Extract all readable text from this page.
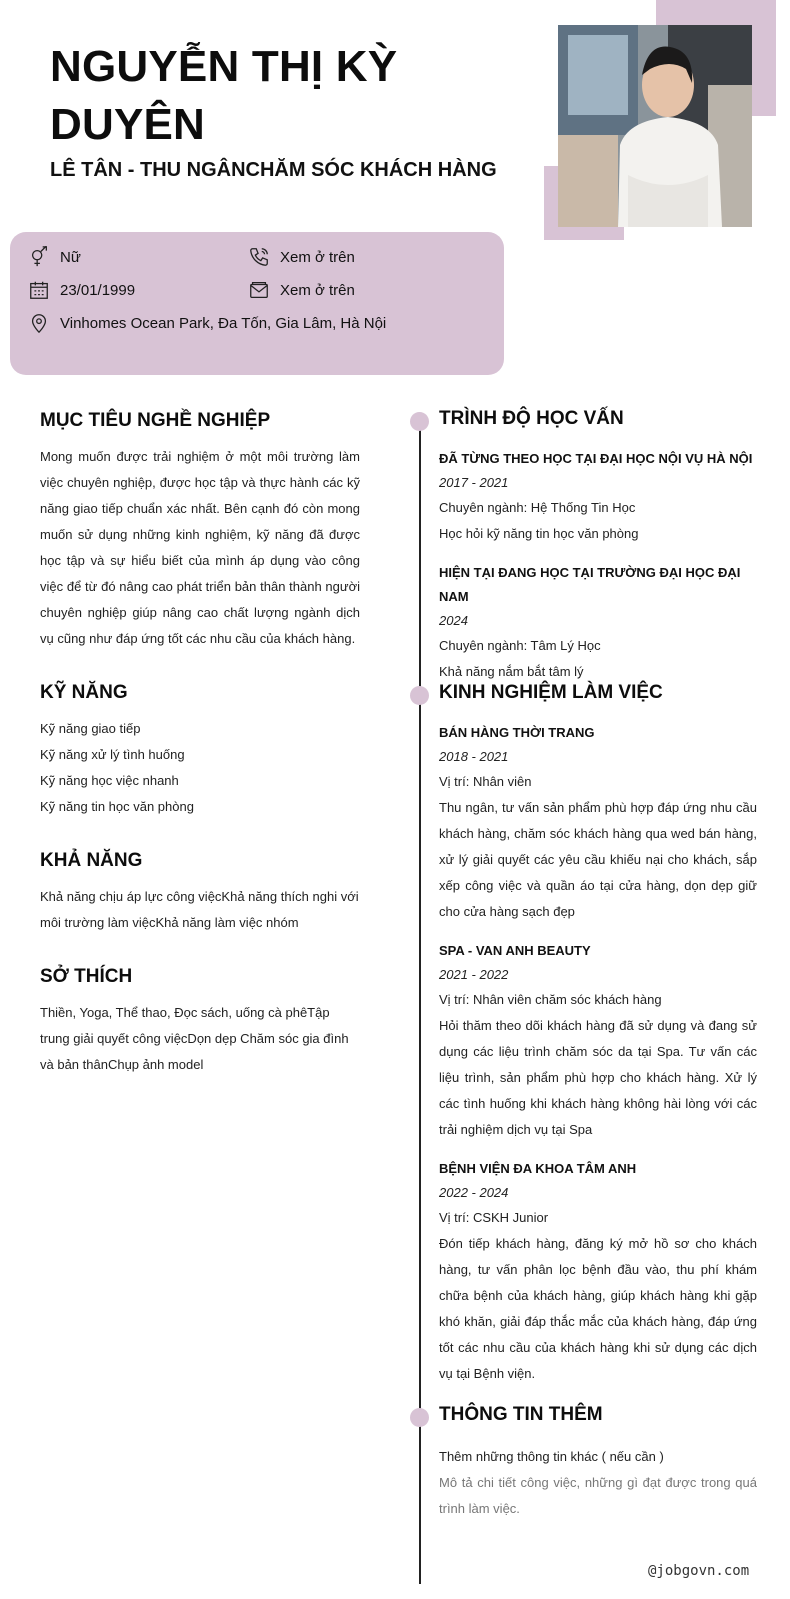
NGUYỄN THỊ KỲ DUYÊN
LÊ TÂN - THU NGÂNCHĂM SÓC KHÁCH HÀNG
Nữ	Xem ở trên
23/01/1999	Xem ở trên
Vinhomes Ocean Park, Đa Tốn, Gia Lâm, Hà Nội
MỤC TIÊU NGHỀ NGHIỆP
Mong muốn được trải nghiệm ở một môi trường làm việc chuyên nghiệp, được học tập và thực hành các kỹ năng giao tiếp chuẩn xác nhất. Bên cạnh đó còn mong muốn sử dụng những kinh nghiệm, kỹ năng đã được học tập và sự hiểu biết của mình áp dụng vào công việc để từ đó nâng cao phát triển bản thân thành người chuyên nghiệp giúp nâng cao chất lượng ngành dịch vụ cũng như đáp ứng tốt các nhu cầu của khách hàng.
KỸ NĂNG
Kỹ năng giao tiếp
Kỹ năng xử lý tình huống
Kỹ năng học việc nhanh
Kỹ năng tin học văn phòng
KHẢ NĂNG
Khả năng chịu áp lực công việcKhả năng thích nghi với môi trường làm việcKhả năng làm việc nhóm
SỞ THÍCH
Thiền, Yoga, Thể thao, Đọc sách, uống cà phêTập trung giải quyết công việcDọn dẹp Chăm sóc gia đình và bản thânChụp ảnh model
TRÌNH ĐỘ HỌC VẤN
ĐÃ TỪNG THEO HỌC TẠI ĐẠI HỌC NỘI VỤ HÀ NỘI
2017 - 2021
Chuyên ngành: Hệ Thống Tin Học
Học hỏi kỹ năng tin học văn phòng
HIỆN TẠI ĐANG HỌC TẠI TRƯỜNG ĐẠI HỌC ĐẠI NAM
2024
Chuyên ngành: Tâm Lý Học
Khả năng nắm bắt tâm lý
KINH NGHIỆM LÀM VIỆC
BÁN HÀNG THỜI TRANG
2018 - 2021
Vị trí: Nhân viên
Thu ngân, tư vấn sản phẩm phù hợp đáp ứng nhu cầu khách hàng, chăm sóc khách hàng qua wed bán hàng, xử lý giải quyết các yêu cầu khiếu nại cho khách, sắp xếp công việc và quần áo tại cửa hàng, dọn dẹp giữ cho cửa hàng sạch đẹp
SPA - VAN ANH BEAUTY
2021 - 2022
Vị trí: Nhân viên chăm sóc khách hàng
Hỏi thăm theo dõi khách hàng đã sử dụng và đang sử dụng các liệu trình chăm sóc da tại Spa. Tư vấn các liệu trình, sản phẩm phù hợp cho khách hàng. Xử lý các tình huống khi khách hàng không hài lòng với các trải nghiệm dịch vụ tại Spa
BỆNH VIỆN ĐA KHOA TÂM ANH
2022 - 2024
Vị trí: CSKH Junior
Đón tiếp khách hàng, đăng ký mở hồ sơ cho khách hàng, tư vấn phân lọc bệnh đầu vào, thu phí khám chữa bệnh của khách hàng, giúp khách hàng khi gặp khó khăn, giải đáp thắc mắc của khách hàng, đáp ứng tốt các nhu cầu của khách hàng khi sử dụng các dịch vụ tại Bệnh viện.
THÔNG TIN THÊM
Thêm những thông tin khác ( nếu cần )
Mô tả chi tiết công việc, những gì đạt được trong quá trình làm việc.
@jobgovn.com
